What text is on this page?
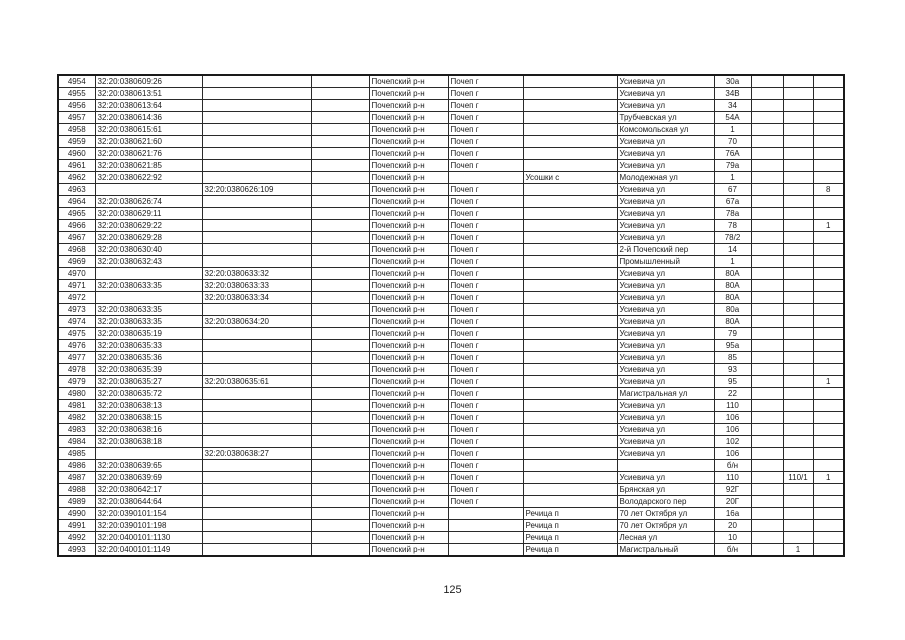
4954	32:20:0380609:26			Почепский р-н	Почеп г		Усиевича ул	30а			
4955	32:20:0380613:51			Почепский р-н	Почеп г		Усиевича ул	34В			
4956	32:20:0380613:64			Почепский р-н	Почеп г		Усиевича ул	34			
4957	32:20:0380614:36			Почепский р-н	Почеп г		Трубчевская ул	54А			
4958	32:20:0380615:61			Почепский р-н	Почеп г		Комсомольская ул	1			
4959	32:20:0380621:60			Почепский р-н	Почеп г		Усиевича ул	70			
4960	32:20:0380621:76			Почепский р-н	Почеп г		Усиевича ул	76А			
4961	32:20:0380621:85			Почепский р-н	Почеп г		Усиевича ул	79а			
4962	32:20:0380622:92			Почепский р-н		Усошки с	Молодежная ул	1			
4963		32:20:0380626:109		Почепский р-н	Почеп г		Усиевича ул	67			8
4964	32:20:0380626:74			Почепский р-н	Почеп г		Усиевича ул	67а			
4965	32:20:0380629:11			Почепский р-н	Почеп г		Усиевича ул	78а			
4966	32:20:0380629:22			Почепский р-н	Почеп г		Усиевича ул	78			1
4967	32:20:0380629:28			Почепский р-н	Почеп г		Усиевича ул	78/2			
4968	32:20:0380630:40			Почепский р-н	Почеп г		2-й Почепский пер	14			
4969	32:20:0380632:43			Почепский р-н	Почеп г		Промышленный	1			
4970		32:20:0380633:32		Почепский р-н	Почеп г		Усиевича ул	80А			
4971	32:20:0380633:35	32:20:0380633:33		Почепский р-н	Почеп г		Усиевича ул	80А			
4972		32:20:0380633:34		Почепский р-н	Почеп г		Усиевича ул	80А			
4973	32:20:0380633:35			Почепский р-н	Почеп г		Усиевича ул	80а			
4974	32:20:0380633:35	32:20:0380634:20		Почепский р-н	Почеп г		Усиевича ул	80А			
4975	32:20:0380635:19			Почепский р-н	Почеп г		Усиевича ул	79			
4976	32:20:0380635:33			Почепский р-н	Почеп г		Усиевича ул	95а			
4977	32:20:0380635:36			Почепский р-н	Почеп г		Усиевича ул	85			
4978	32:20:0380635:39			Почепский р-н	Почеп г		Усиевича ул	93			
4979	32:20:0380635:27	32:20:0380635:61		Почепский р-н	Почеп г		Усиевича ул	95			1
4980	32:20:0380635:72			Почепский р-н	Почеп г		Магистральная ул	22			
4981	32:20:0380638:13			Почепский р-н	Почеп г		Усиевича ул	110			
4982	32:20:0380638:15			Почепский р-н	Почеп г		Усиевича ул	106			
4983	32:20:0380638:16			Почепский р-н	Почеп г		Усиевича ул	106			
4984	32:20:0380638:18			Почепский р-н	Почеп г		Усиевича ул	102			
4985		32:20:0380638:27		Почепский р-н	Почеп г		Усиевича ул	106			
4986	32:20:0380639:65			Почепский р-н	Почеп г			б/н			
4987	32:20:0380639:69			Почепский р-н	Почеп г		Усиевича ул	110		110/1	1
4988	32:20:0380642:17			Почепский р-н	Почеп г		Брянская ул	92Г			
4989	32:20:0380644:64			Почепский р-н	Почеп г		Володарского пер	20Г			
4990	32:20:0390101:154			Почепский р-н		Речица п	70 лет Октября ул	16а			
4991	32:20:0390101:198			Почепский р-н		Речица п	70 лет Октября ул	20			
4992	32:20:0400101:1130			Почепский р-н		Речица п	Лесная ул	10			
4993	32:20:0400101:1149			Почепский р-н		Речица п	Магистральный	б/н		1	
125
